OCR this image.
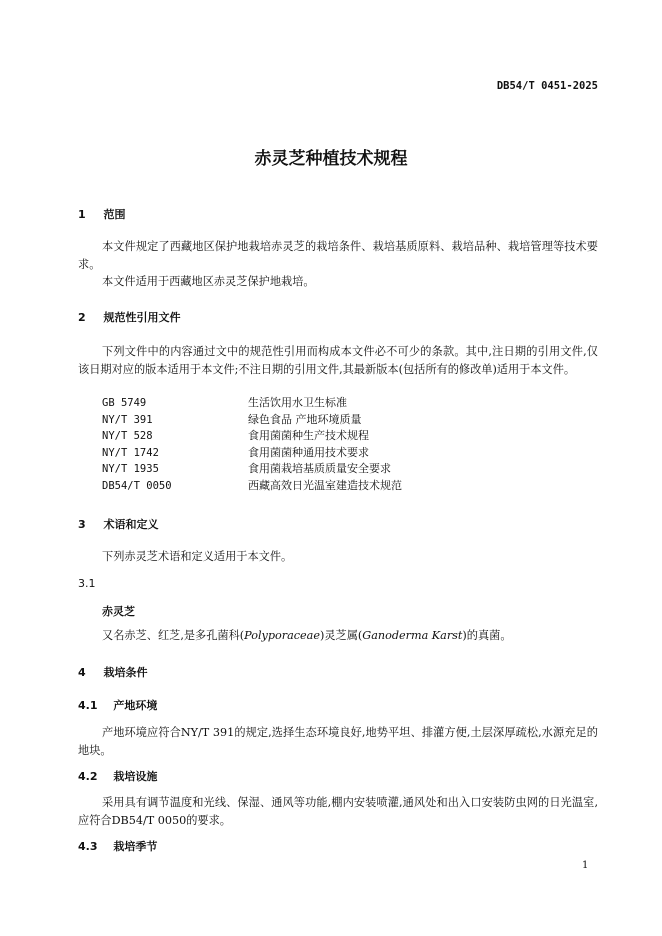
DB54/T 0451-2025
赤灵芝种植技术规程
1 范围
本文件规定了西藏地区保护地栽培赤灵芝的栽培条件、栽培基质原料、栽培品种、栽培管理等技术要求。
本文件适用于西藏地区赤灵芝保护地栽培。
2 规范性引用文件
下列文件中的内容通过文中的规范性引用而构成本文件必不可少的条款。其中,注日期的引用文件,仅该日期对应的版本适用于本文件;不注日期的引用文件,其最新版本(包括所有的修改单)适用于本文件。
GB 5749	生活饮用水卫生标准
NY/T 391	绿色食品 产地环境质量
NY/T 528	食用菌菌种生产技术规程
NY/T 1742	食用菌菌种通用技术要求
NY/T 1935	食用菌栽培基质质量安全要求
DB54/T 0050	西藏高效日光温室建造技术规范
3 术语和定义
下列赤灵芝术语和定义适用于本文件。
3.1
赤灵芝
又名赤芝、红芝,是多孔菌科(Polyporaceae)灵芝属(Ganoderma Karst)的真菌。
4 栽培条件
4.1 产地环境
产地环境应符合NY/T 391的规定,选择生态环境良好,地势平坦、排灌方便,土层深厚疏松,水源充足的地块。
4.2 栽培设施
采用具有调节温度和光线、保湿、通风等功能,棚内安装喷灌,通风处和出入口安装防虫网的日光温室,应符合DB54/T 0050的要求。
4.3 栽培季节
1
